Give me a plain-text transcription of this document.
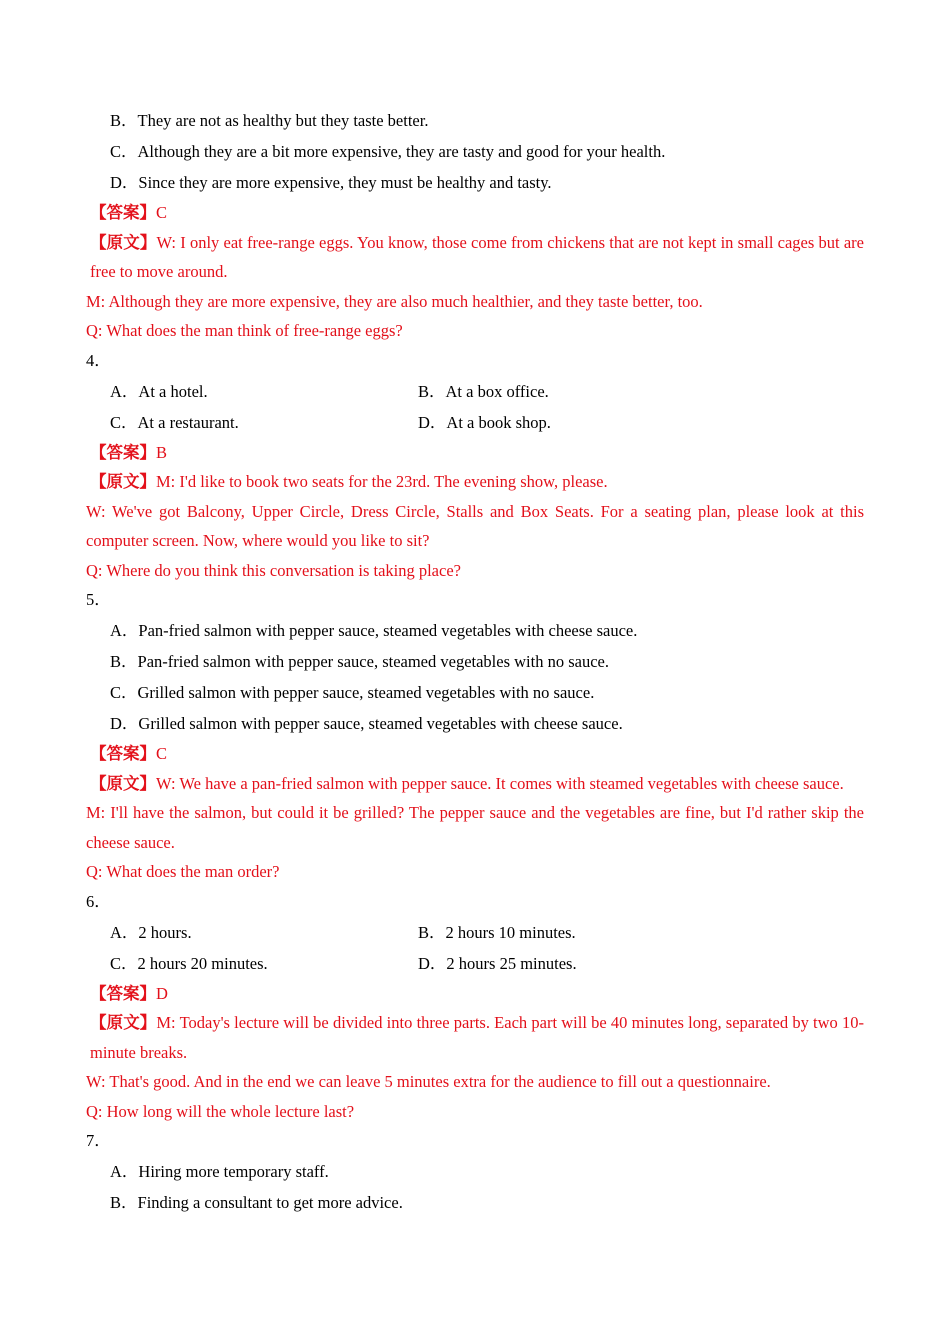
B． They are not as healthy but they taste better.
C． Although they are a bit more expensive, they are tasty and good for your health.
D． Since they are more expensive, they must be healthy and tasty.

【答案】C

【原文】W: I only eat free-range eggs. You know, those come from chickens that are not kept in small cages but are free to move around.

M: Although they are more expensive, they are also much healthier, and they taste better, too.

Q: What does the man think of free-range eggs?

4．
A． At a hotel.	B． At a box office.
C． At a restaurant.	D． At a book shop.

【答案】B

【原文】M: I'd like to book two seats for the 23rd. The evening show, please.

W: We've got Balcony, Upper Circle, Dress Circle, Stalls and Box Seats. For a seating plan, please look at this computer screen. Now, where would you like to sit?

Q: Where do you think this conversation is taking place?

5．
A． Pan-fried salmon with pepper sauce, steamed vegetables with cheese sauce.
B． Pan-fried salmon with pepper sauce, steamed vegetables with no sauce.
C． Grilled salmon with pepper sauce, steamed vegetables with no sauce.
D． Grilled salmon with pepper sauce, steamed vegetables with cheese sauce.

【答案】C

【原文】W: We have a pan-fried salmon with pepper sauce. It comes with steamed vegetables with cheese sauce.

M: I'll have the salmon, but could it be grilled? The pepper sauce and the vegetables are fine, but I'd rather skip the cheese sauce.

Q: What does the man order?

6．
A． 2 hours.	B． 2 hours 10 minutes.
C． 2 hours 20 minutes.	D． 2 hours 25 minutes.

【答案】D

【原文】M: Today's lecture will be divided into three parts. Each part will be 40 minutes long, separated by two 10-minute breaks.

W: That's good. And in the end we can leave 5 minutes extra for the audience to fill out a questionnaire.

Q: How long will the whole lecture last?

7．
A． Hiring more temporary staff.
B． Finding a consultant to get more advice.
